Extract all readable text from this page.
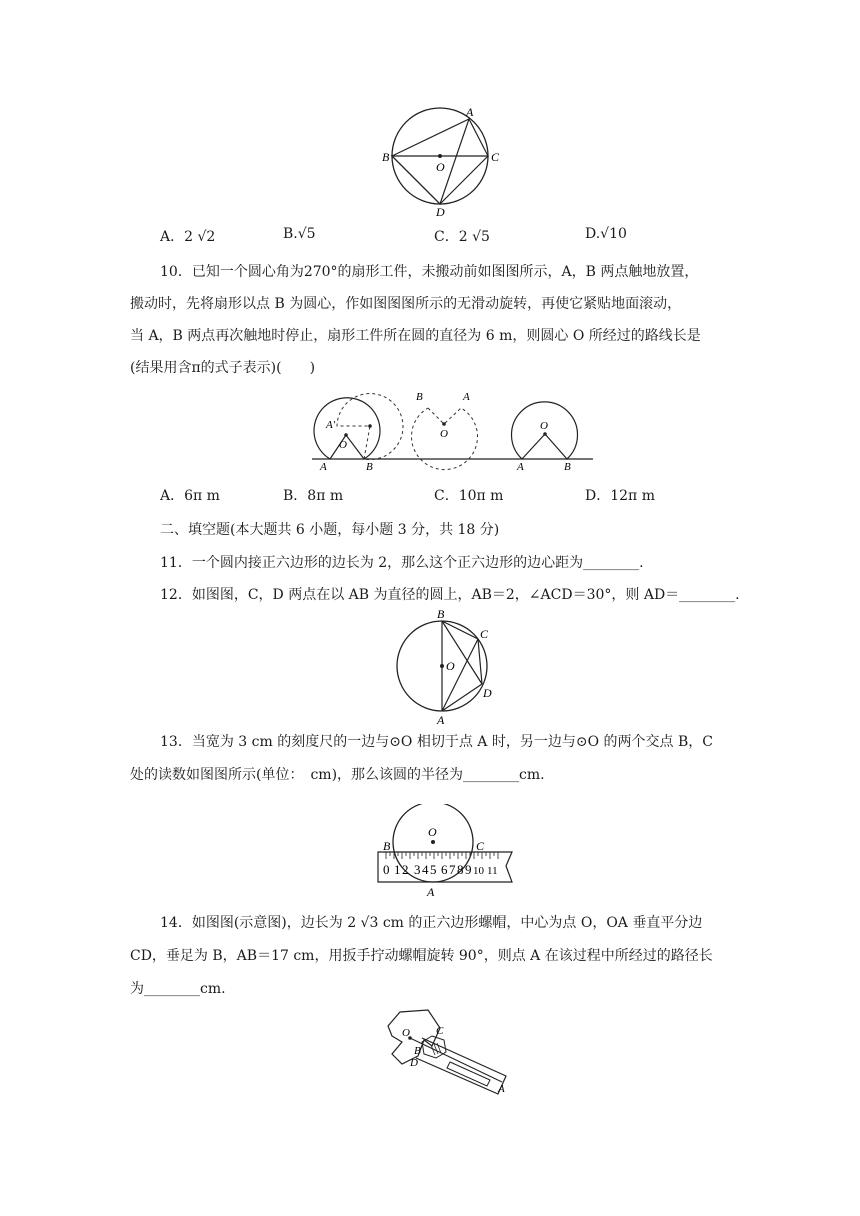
A
B	C
D
O
A．2 √2	B.√5	C．2 √5	D.√10
10．已知一个圆心角为270°的扇形工件，未搬动前如图图所示，A，B 两点触地放置，
搬动时，先将扇形以点 B 为圆心，作如图图图所示的无滑动旋转，再使它紧贴地面滚动，
当 A，B 两点再次触地时停止，扇形工件所在圆的直径为 6 m，则圆心 O 所经过的路线长是
(结果用含π的式子表示)(　　)
A	B
O
A'
B	A
O
A	B
O
A．6π m	B．8π m	C．10π m	D．12π m
二、填空题(本大题共 6 小题，每小题 3 分，共 18 分)
11．一个圆内接正六边形的边长为 2，那么这个正六边形的边心距为________.
12．如图图，C，D 两点在以 AB 为直径的圆上，AB＝2，∠ACD＝30°，则 AD＝________.
B
A
C
D
O
13．当宽为 3 cm 的刻度尺的一边与⊙O 相切于点 A 时，另一边与⊙O 的两个交点 B，C
处的读数如图图所示(单位：　cm)，那么该圆的半径为________cm.
0 1 2 3 4 5 6 7 8 9 10 11
O
B	C
A
14．如图图(示意图)，边长为 2 √3 cm 的正六边形螺帽，中心为点 O，OA 垂直平分边
CD，垂足为 B，AB＝17 cm，用扳手拧动螺帽旋转 90°，则点 A 在该过程中所经过的路径长
为________cm.
O C
B
D
A
